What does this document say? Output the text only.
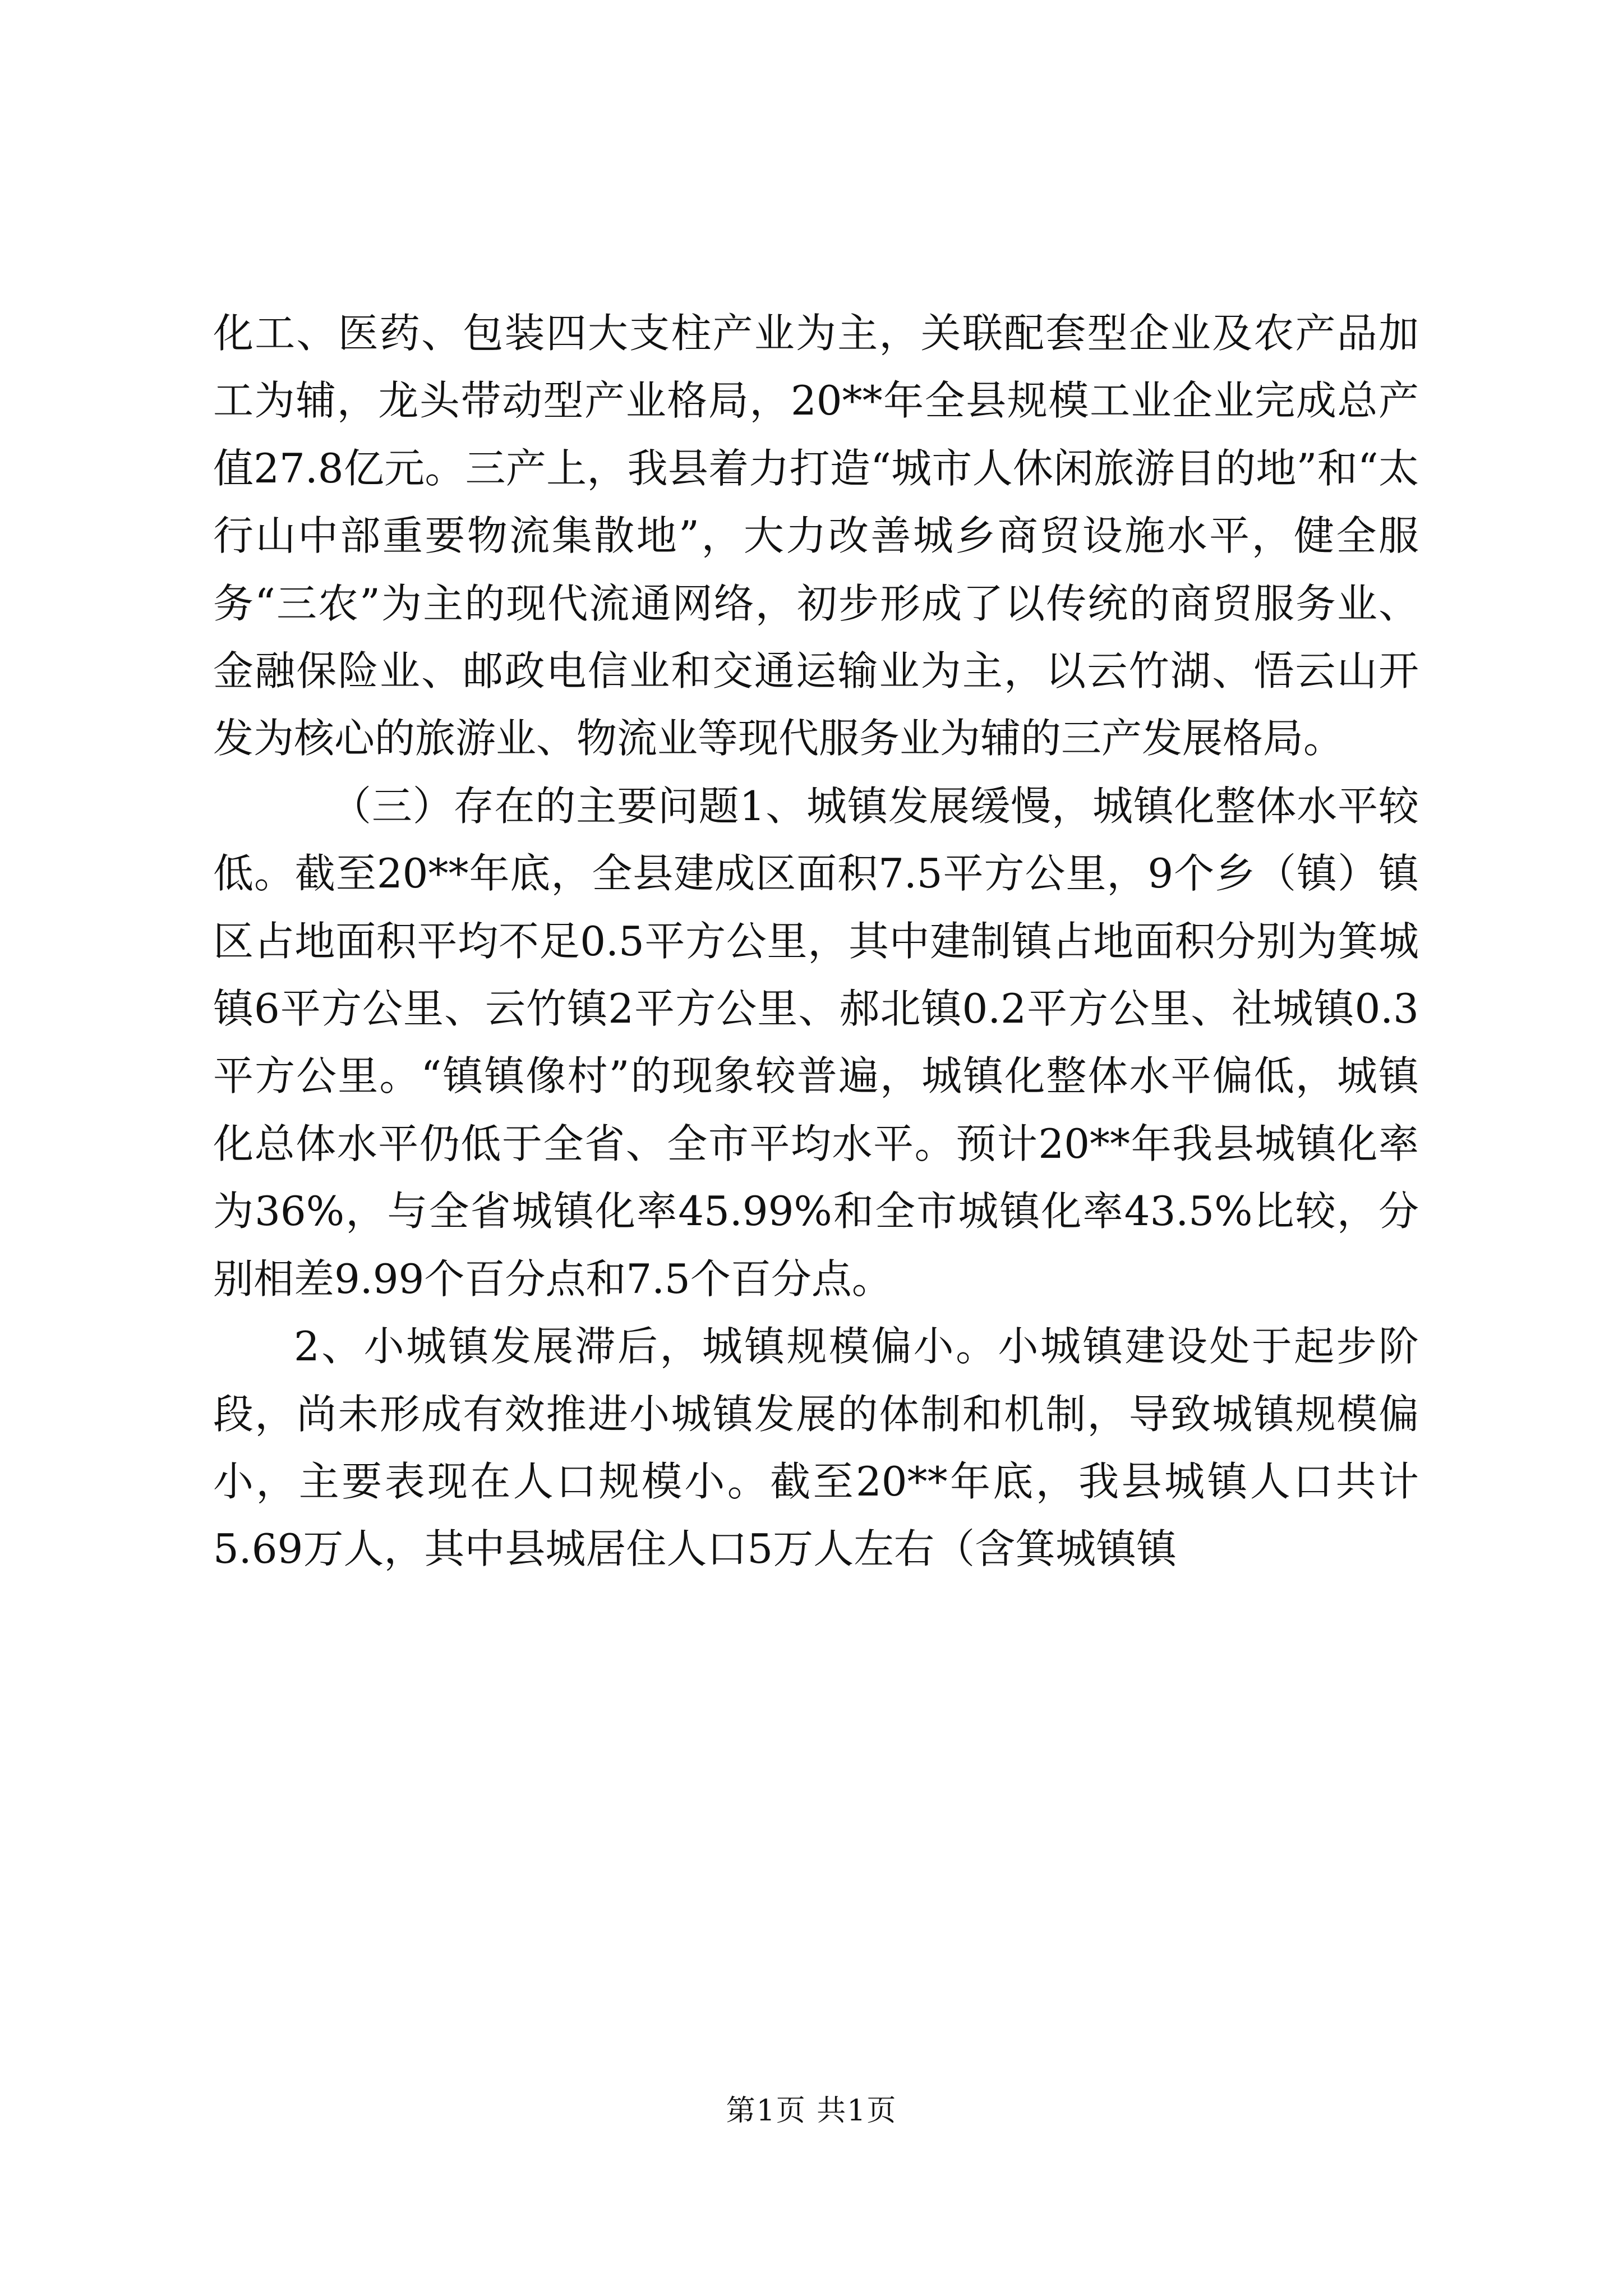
化工、医药、包装四大支柱产业为主，关联配套型企业及农产品加工为辅，龙头带动型产业格局，20**年全县规模工业企业完成总产值27.8亿元。三产上，我县着力打造“城市人休闲旅游目的地”和“太行山中部重要物流集散地”，大力改善城乡商贸设施水平，健全服务“三农”为主的现代流通网络，初步形成了以传统的商贸服务业、金融保险业、邮政电信业和交通运输业为主，以云竹湖、悟云山开发为核心的旅游业、物流业等现代服务业为辅的三产发展格局。

（三）存在的主要问题1、城镇发展缓慢，城镇化整体水平较低。截至20**年底，全县建成区面积7.5平方公里，9个乡（镇）镇区占地面积平均不足0.5平方公里，其中建制镇占地面积分别为箕城镇6平方公里、云竹镇2平方公里、郝北镇0.2平方公里、社城镇0.3平方公里。“镇镇像村”的现象较普遍，城镇化整体水平偏低，城镇化总体水平仍低于全省、全市平均水平。预计20**年我县城镇化率为36%，与全省城镇化率45.99%和全市城镇化率43.5%比较，分别相差9.99个百分点和7.5个百分点。

2、小城镇发展滞后，城镇规模偏小。小城镇建设处于起步阶段，尚未形成有效推进小城镇发展的体制和机制，导致城镇规模偏小，主要表现在人口规模小。截至20**年底，我县城镇人口共计5.69万人，其中县城居住人口5万人左右（含箕城镇镇

第1页 共1页
